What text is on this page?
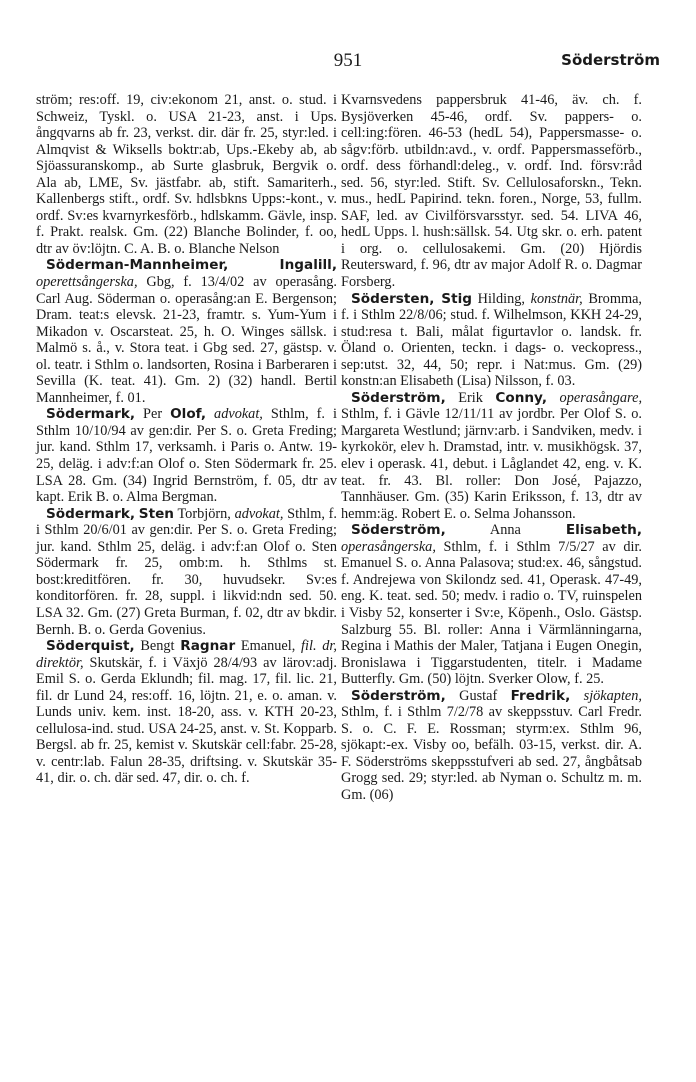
951	Söderström

ström; res:off. 19, civ:ekonom 21, anst. o. stud. i Schweiz, Tyskl. o. USA 21-23, anst. i Ups. ångqvarns ab fr. 23, verkst. dir. där fr. 25, styr:led. i Almqvist & Wiksells boktr:ab, Ups.-Ekeby ab, ab Sjöassuranskomp., ab Surte glasbruk, Bergvik o. Ala ab, LME, Sv. jästfabr. ab, stift. Samariterh., Kallenbergs stift., ordf. Sv. hdlsbkns Upps:-kont., v. ordf. Sv:es kvarnyrkesförb., hdlskamm. Gävle, insp. f. Prakt. realsk. Gm. (22) Blanche Bolinder, f. oo, dtr av öv:löjtn. C. A. B. o. Blanche Nelson

Söderman-Mannheimer, Ingalill, operettsångerska, Gbg, f. 13/4/02 av operasång. Carl Aug. Söderman o. operasång:an E. Bergenson; Dram. teat:s elevsk. 21-23, framtr. s. Yum-Yum i Mikadon v. Oscarsteat. 25, h. O. Winges sällsk. i Malmö s. å., v. Stora teat. i Gbg sed. 27, gästsp. v. ol. teatr. i Sthlm o. landsorten, Rosina i Barberaren i Sevilla (K. teat. 41). Gm. 2) (32) handl. Bertil Mannheimer, f. 01.

Södermark, Per Olof, advokat, Sthlm, f. i Sthlm 10/10/94 av gen:dir. Per S. o. Greta Freding; jur. kand. Sthlm 17, verksamh. i Paris o. Antw. 19-25, deläg. i adv:f:an Olof o. Sten Södermark fr. 25. LSA 28. Gm. (34) Ingrid Bernström, f. 05, dtr av kapt. Erik B. o. Alma Bergman.

Södermark, Sten Torbjörn, advokat, Sthlm, f. i Sthlm 20/6/01 av gen:dir. Per S. o. Greta Freding; jur. kand. Sthlm 25, deläg. i adv:f:an Olof o. Sten Södermark fr. 25, omb:m. h. Sthlms st. bost:kreditfören. fr. 30, huvudsekr. Sv:es konditorfören. fr. 28, suppl. i likvid:ndn sed. 50. LSA 32. Gm. (27) Greta Burman, f. 02, dtr av bkdir. Bernh. B. o. Gerda Govenius.

Söderquist, Bengt Ragnar Emanuel, fil. dr, direktör, Skutskär, f. i Växjö 28/4/93 av lärov:adj. Emil S. o. Gerda Eklundh; fil. mag. 17, fil. lic. 21, fil. dr Lund 24, res:off. 16, löjtn. 21, e. o. aman. v. Lunds univ. kem. inst. 18-20, ass. v. KTH 20-23, cellulosa-ind. stud. USA 24-25, anst. v. St. Kopparb. Bergsl. ab fr. 25, kemist v. Skutskär cell:fabr. 25-28, v. centr:lab. Falun 28-35, driftsing. v. Skutskär 35-41, dir. o. ch. där sed. 47, dir. o. ch. f.

Kvarnsvedens pappersbruk 41-46, äv. ch. f. Bysjöverken 45-46, ordf. Sv. pappers- o. cell:ing:fören. 46-53 (hedL 54), Pappersmasse- o. sågv:förb. utbildn:avd., v. ordf. Pappersmasseförb., ordf. dess förhandl:deleg., v. ordf. Ind. försv:råd sed. 56, styr:led. Stift. Sv. Cellulosaforskn., Tekn. mus., hedL Papirind. tekn. foren., Norge, 53, fullm. SAF, led. av Civilförsvarsstyr. sed. 54. LIVA 46, hedL Upps. l. hush:sällsk. 54. Utg skr. o. erh. patent i org. o. cellulosakemi. Gm. (20) Hjördis Reutersward, f. 96, dtr av major Adolf R. o. Dagmar Forsberg.

Södersten, Stig Hilding, konstnär, Bromma, f. i Sthlm 22/8/06; stud. f. Wilhelmson, KKH 24-29, stud:resa t. Bali, målat figurtavlor o. landsk. fr. Öland o. Orienten, teckn. i dags- o. veckopress., sep:utst. 32, 44, 50; repr. i Nat:mus. Gm. (29) konstn:an Elisabeth (Lisa) Nilsson, f. 03.

Söderström, Erik Conny, operasångare, Sthlm, f. i Gävle 12/11/11 av jordbr. Per Olof S. o. Margareta Westlund; järnv:arb. i Sandviken, medv. i kyrkokör, elev h. Dramstad, intr. v. musikhögsk. 37, elev i operask. 41, debut. i Låglandet 42, eng. v. K. teat. fr. 43. Bl. roller: Don José, Pajazzo, Tannhäuser. Gm. (35) Karin Eriksson, f. 13, dtr av hemm:äg. Robert E. o. Selma Johansson.

Söderström, Anna Elisabeth, operasångerska, Sthlm, f. i Sthlm 7/5/27 av dir. Emanuel S. o. Anna Palasova; stud:ex. 46, sångstud. f. Andrejewa von Skilondz sed. 41, Operask. 47-49, eng. K. teat. sed. 50; medv. i radio o. TV, ruinspelen i Visby 52, konserter i Sv:e, Köpenh., Oslo. Gästsp. Salzburg 55. Bl. roller: Anna i Värmlänningarna, Regina i Mathis der Maler, Tatjana i Eugen Onegin, Bronislawa i Tiggarstudenten, titelr. i Madame Butterfly. Gm. (50) löjtn. Sverker Olow, f. 25.

Söderström, Gustaf Fredrik, sjökapten, Sthlm, f. i Sthlm 7/2/78 av skeppsstuv. Carl Fredr. S. o. C. F. E. Rossman; styrm:ex. Sthlm 96, sjökapt:-ex. Visby oo, befälh. 03-15, verkst. dir. A. F. Söderströms skeppsstufveri ab sed. 27, ångbåtsab Grogg sed. 29; styr:led. ab Nyman o. Schultz m. m. Gm. (06)
